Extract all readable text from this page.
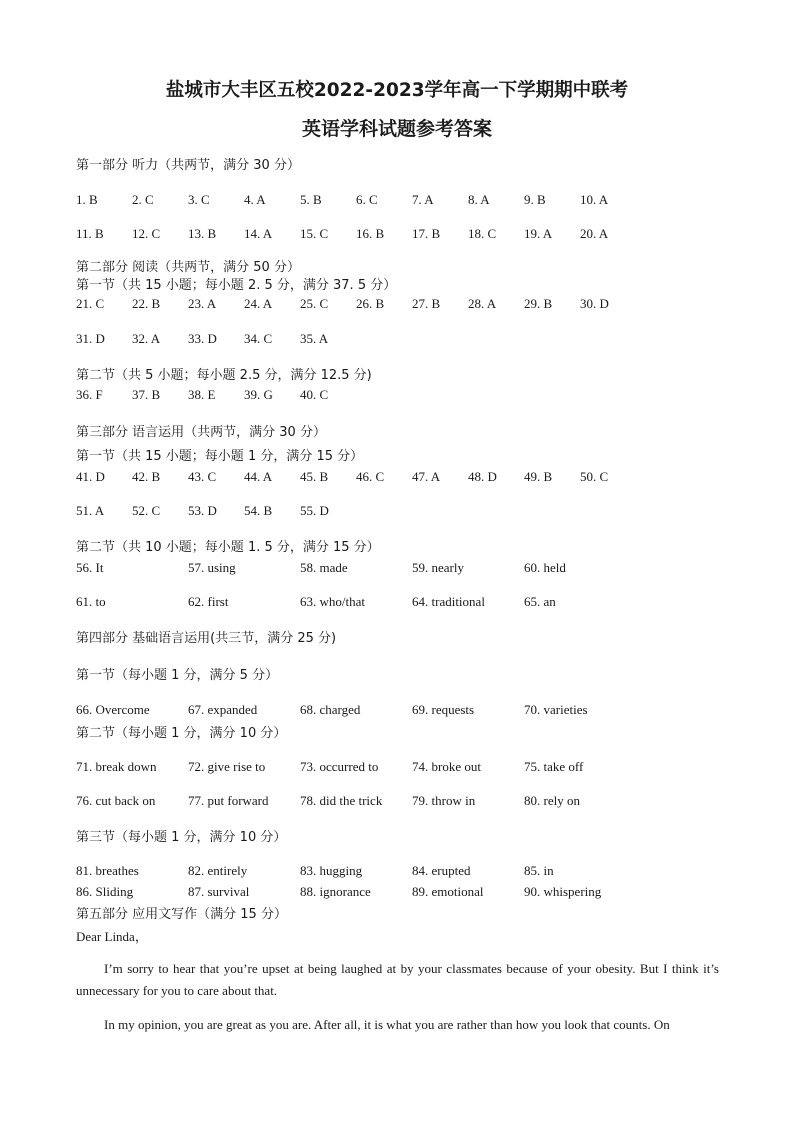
盐城市大丰区五校2022-2023学年高一下学期期中联考
英语学科试题参考答案
第一部分 听力（共两节，满分 30 分）
1. B	2. C	3. C	4. A	5. B	6. C	7. A	8. A	9. B	10. A
11. B 12. C 13. B 14. A 15. C 16. B 17. B 18. C 19. A 20. A
第二部分 阅读（共两节，满分 50 分）
第一节（共 15 小题；每小题 2. 5 分，满分 37. 5 分）
21. C 22. B 23. A 24. A 25. C 26. B 27. B 28. A 29. B 30. D
31. D 32. A 33. D 34. C 35. A
第二节（共 5 小题；每小题 2.5 分，满分 12.5 分)
36. F 37. B 38. E 39. G 40. C
第三部分 语言运用（共两节，满分 30 分）
第一节（共 15 小题；每小题 1 分，满分 15 分）
41. D 42. B 43. C 44. A 45. B 46. C 47. A 48. D 49. B 50. C
51. A 52. C 53. D 54. B 55. D
第二节（共 10 小题；每小题 1. 5 分，满分 15 分）
56. It	57. using	58. made	59. nearly	60. held
61. to	62. first	63. who/that	64. traditional	65. an
第四部分 基础语言运用(共三节，满分 25 分)
第一节（每小题 1 分，满分 5 分）
66. Overcome	67. expanded	68. charged	69. requests	70. varieties
第二节（每小题 1 分，满分 10 分）
71. break down 72. give rise to	73. occurred to	74. broke out	75. take off
76. cut back on	77. put forward 78. did the trick 79. throw in	80. rely on
第三节（每小题 1 分，满分 10 分）
81. breathes	82. entirely	83. hugging	84. erupted	85. in
86. Sliding	87. survival	88. ignorance	89. emotional	90. whispering
第五部分 应用文写作（满分 15 分）
Dear Linda，

I’m sorry to hear that you’re upset at being laughed at by your classmates because of your obesity. But I think it’s unnecessary for you to care about that.

In my opinion, you are great as you are. After all, it is what you are rather than how you look that counts. On
